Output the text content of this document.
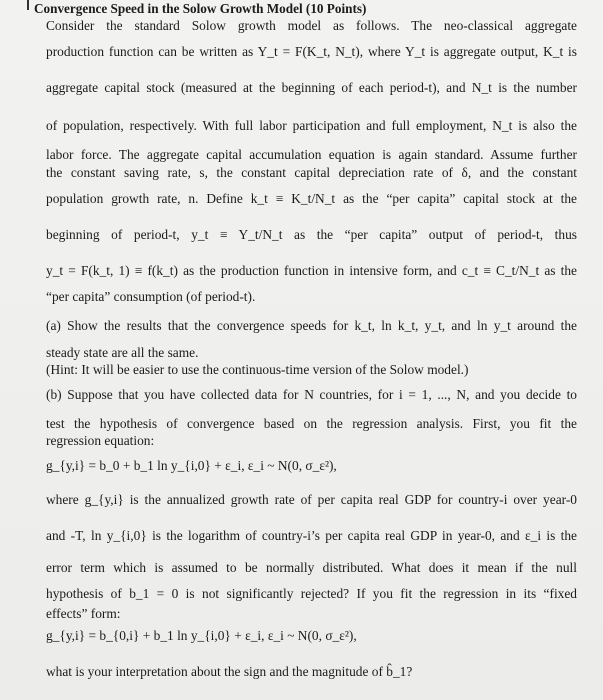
Convergence Speed in the Solow Growth Model (10 Points)
Consider the standard Solow growth model as follows. The neo-classical aggregate
production function can be written as Y_t = F(K_t, N_t), where Y_t is aggregate output, K_t is
aggregate capital stock (measured at the beginning of each period-t), and N_t is the number
of population, respectively. With full labor participation and full employment, N_t is also the
labor force. The aggregate capital accumulation equation is again standard. Assume further
the constant saving rate, s, the constant capital depreciation rate of δ, and the constant
population growth rate, n. Define k_t ≡ K_t/N_t as the “per capita” capital stock at the
beginning of period-t, y_t ≡ Y_t/N_t as the “per capita” output of period-t, thus
y_t = F(k_t, 1) ≡ f(k_t) as the production function in intensive form, and c_t ≡ C_t/N_t as the
“per capita” consumption (of period-t).
(a) Show the results that the convergence speeds for k_t, ln k_t, y_t, and ln y_t around the
steady state are all the same.
(Hint: It will be easier to use the continuous-time version of the Solow model.)
(b) Suppose that you have collected data for N countries, for i = 1, ..., N, and you decide to
test the hypothesis of convergence based on the regression analysis. First, you fit the
regression equation:
g_{y,i} = b_0 + b_1 ln y_{i,0} + ε_i, ε_i ~ N(0, σ_ε²),
where g_{y,i} is the annualized growth rate of per capita real GDP for country-i over year-0
and -T, ln y_{i,0} is the logarithm of country-i’s per capita real GDP in year-0, and ε_i is the
error term which is assumed to be normally distributed. What does it mean if the null
hypothesis of b_1 = 0 is not significantly rejected? If you fit the regression in its “fixed
effects” form:
g_{y,i} = b_{0,i} + b_1 ln y_{i,0} + ε_i, ε_i ~ N(0, σ_ε²),
what is your interpretation about the sign and the magnitude of b̂_1?
